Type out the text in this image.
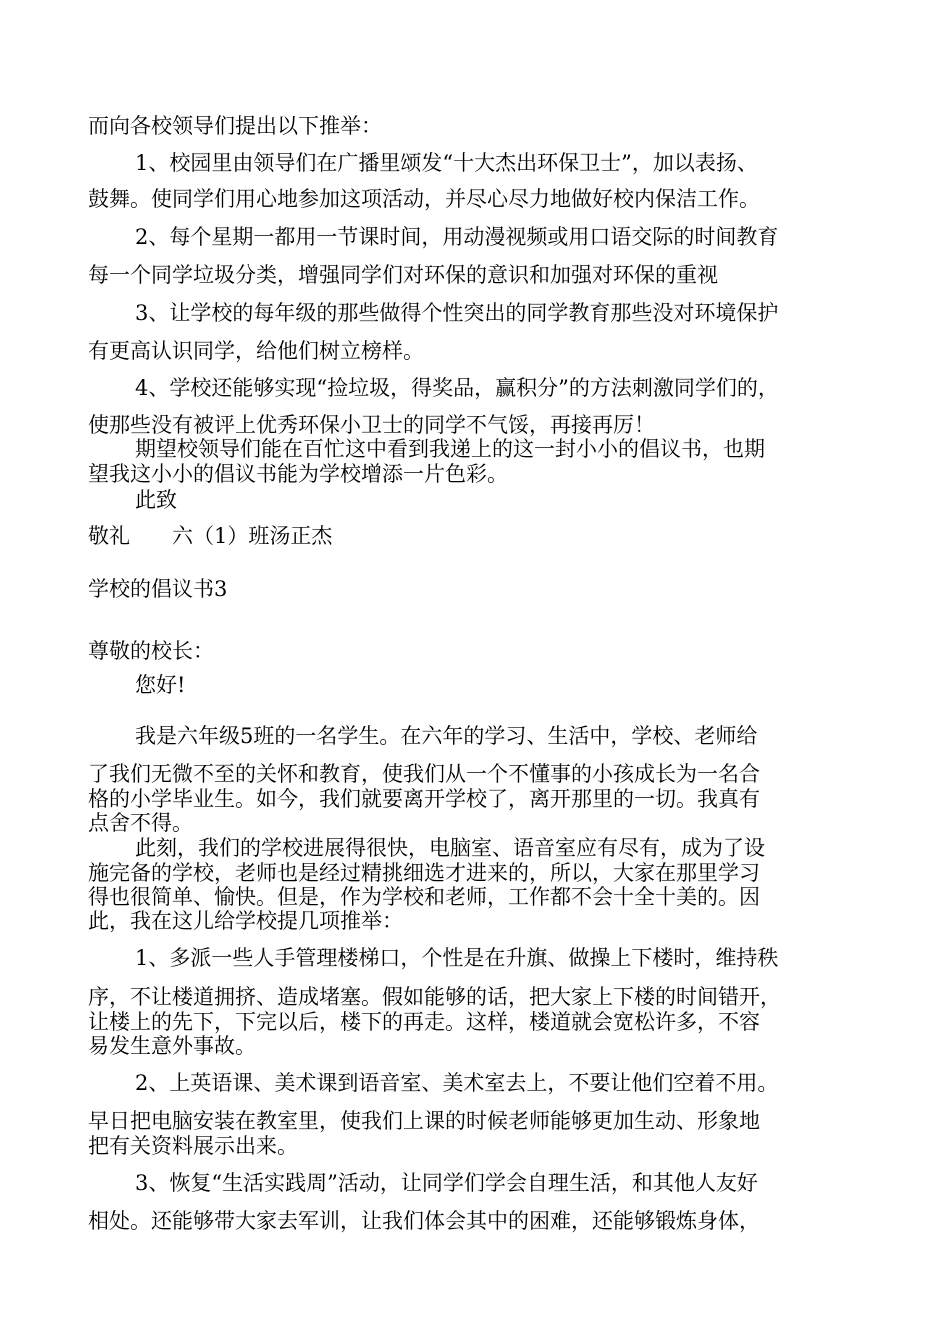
而向各校领导们提出以下推举：
1、校园里由领导们在广播里颂发“十大杰出环保卫士”，加以表扬、
鼓舞。使同学们用心地参加这项活动，并尽心尽力地做好校内保洁工作。
2、每个星期一都用一节课时间，用动漫视频或用口语交际的时间教育
每一个同学垃圾分类，增强同学们对环保的意识和加强对环保的重视
3、让学校的每年级的那些做得个性突出的同学教育那些没对环境保护
有更高认识同学，给他们树立榜样。
4、学校还能够实现“捡垃圾，得奖品，赢积分”的方法刺激同学们的，
使那些没有被评上优秀环保小卫士的同学不气馁，再接再厉！
期望校领导们能在百忙这中看到我递上的这一封小小的倡议书，也期
望我这小小的倡议书能为学校增添一片色彩。
此致
敬礼　　六（1）班汤正杰
学校的倡议书3
尊敬的校长：
您好!
我是六年级5班的一名学生。在六年的学习、生活中，学校、老师给
了我们无微不至的关怀和教育，使我们从一个不懂事的小孩成长为一名合
格的小学毕业生。如今，我们就要离开学校了，离开那里的一切。我真有
点舍不得。
此刻，我们的学校进展得很快，电脑室、语音室应有尽有，成为了设
施完备的学校，老师也是经过精挑细选才进来的，所以，大家在那里学习
得也很简单、愉快。但是，作为学校和老师，工作都不会十全十美的。因
此，我在这儿给学校提几项推举：
1、多派一些人手管理楼梯口，个性是在升旗、做操上下楼时，维持秩
序，不让楼道拥挤、造成堵塞。假如能够的话，把大家上下楼的时间错开，
让楼上的先下，下完以后，楼下的再走。这样，楼道就会宽松许多，不容
易发生意外事故。
2、上英语课、美术课到语音室、美术室去上，不要让他们空着不用。
早日把电脑安装在教室里，使我们上课的时候老师能够更加生动、形象地
把有关资料展示出来。
3、恢复“生活实践周”活动，让同学们学会自理生活，和其他人友好
相处。还能够带大家去军训，让我们体会其中的困难，还能够锻炼身体，
